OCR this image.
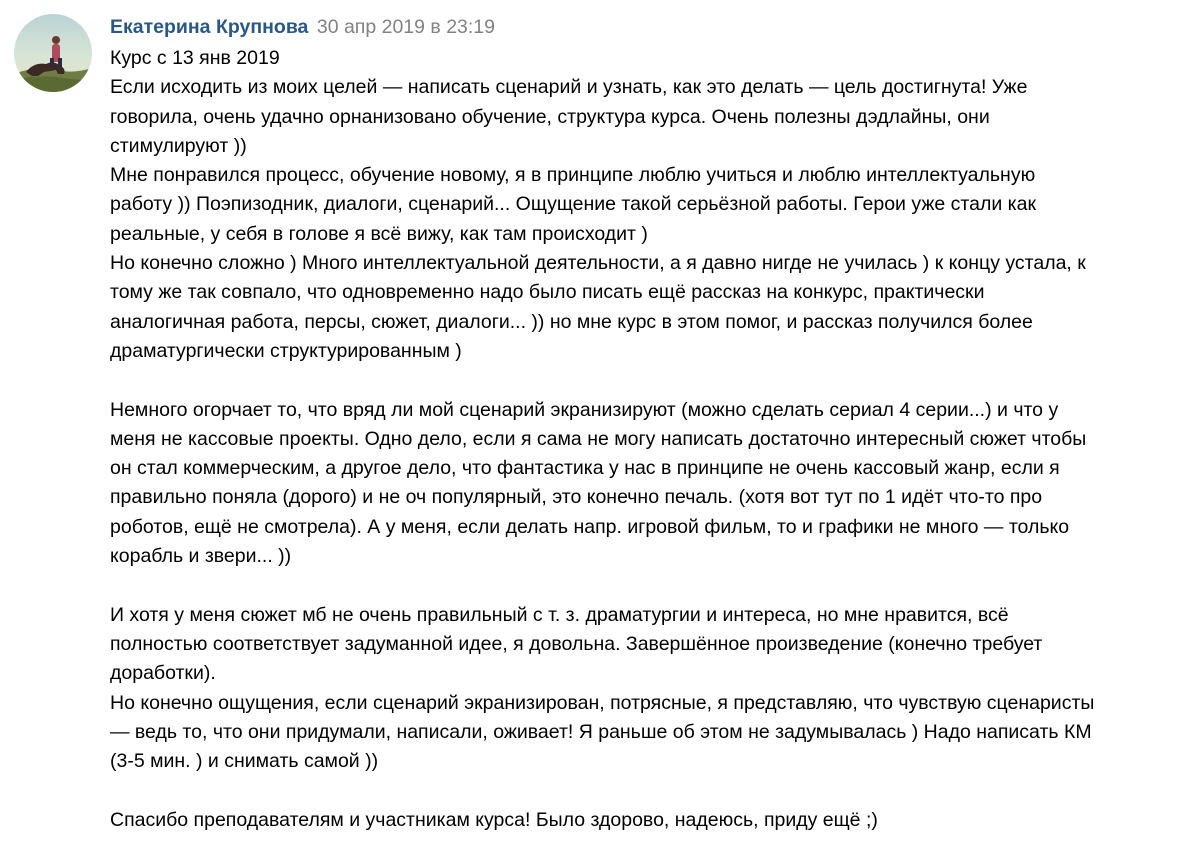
Екатерина Крупнова 30 апр 2019 в 23:19
Курс с 13 янв 2019
Если исходить из моих целей — написать сценарий и узнать, как это делать — цель достигнута! Уже
говорила, очень удачно орнанизовано обучение, структура курса. Очень полезны дэдлайны, они
стимулируют ))
Мне понравился процесс, обучение новому, я в принципе люблю учиться и люблю интеллектуальную
работу )) Поэпизодник, диалоги, сценарий... Ощущение такой серьёзной работы. Герои уже стали как
реальные, у себя в голове я всё вижу, как там происходит )
Но конечно сложно ) Много интеллектуальной деятельности, а я давно нигде не училась ) к концу устала, к
тому же так совпало, что одновременно надо было писать ещё рассказ на конкурс, практически
аналогичная работа, персы, сюжет, диалоги... )) но мне курс в этом помог, и рассказ получился более
драматургически структурированным )
Немного огорчает то, что вряд ли мой сценарий экранизируют (можно сделать сериал 4 серии...) и что у
меня не кассовые проекты. Одно дело, если я сама не могу написать достаточно интересный сюжет чтобы
он стал коммерческим, а другое дело, что фантастика у нас в принципе не очень кассовый жанр, если я
правильно поняла (дорого) и не оч популярный, это конечно печаль. (хотя вот тут по 1 идёт что-то про
роботов, ещё не смотрела). А у меня, если делать напр. игровой фильм, то и графики не много — только
корабль и звери... ))
И хотя у меня сюжет мб не очень правильный с т. з. драматургии и интереса, но мне нравится, всё
полностью соответствует задуманной идее, я довольна. Завершённое произведение (конечно требует
доработки).
Но конечно ощущения, если сценарий экранизирован, потрясные, я представляю, что чувствую сценаристы
— ведь то, что они придумали, написали, оживает! Я раньше об этом не задумывалась ) Надо написать КМ
(3-5 мин. ) и снимать самой ))
Спасибо преподавателям и участникам курса! Было здорово, надеюсь, приду ещё ;)
